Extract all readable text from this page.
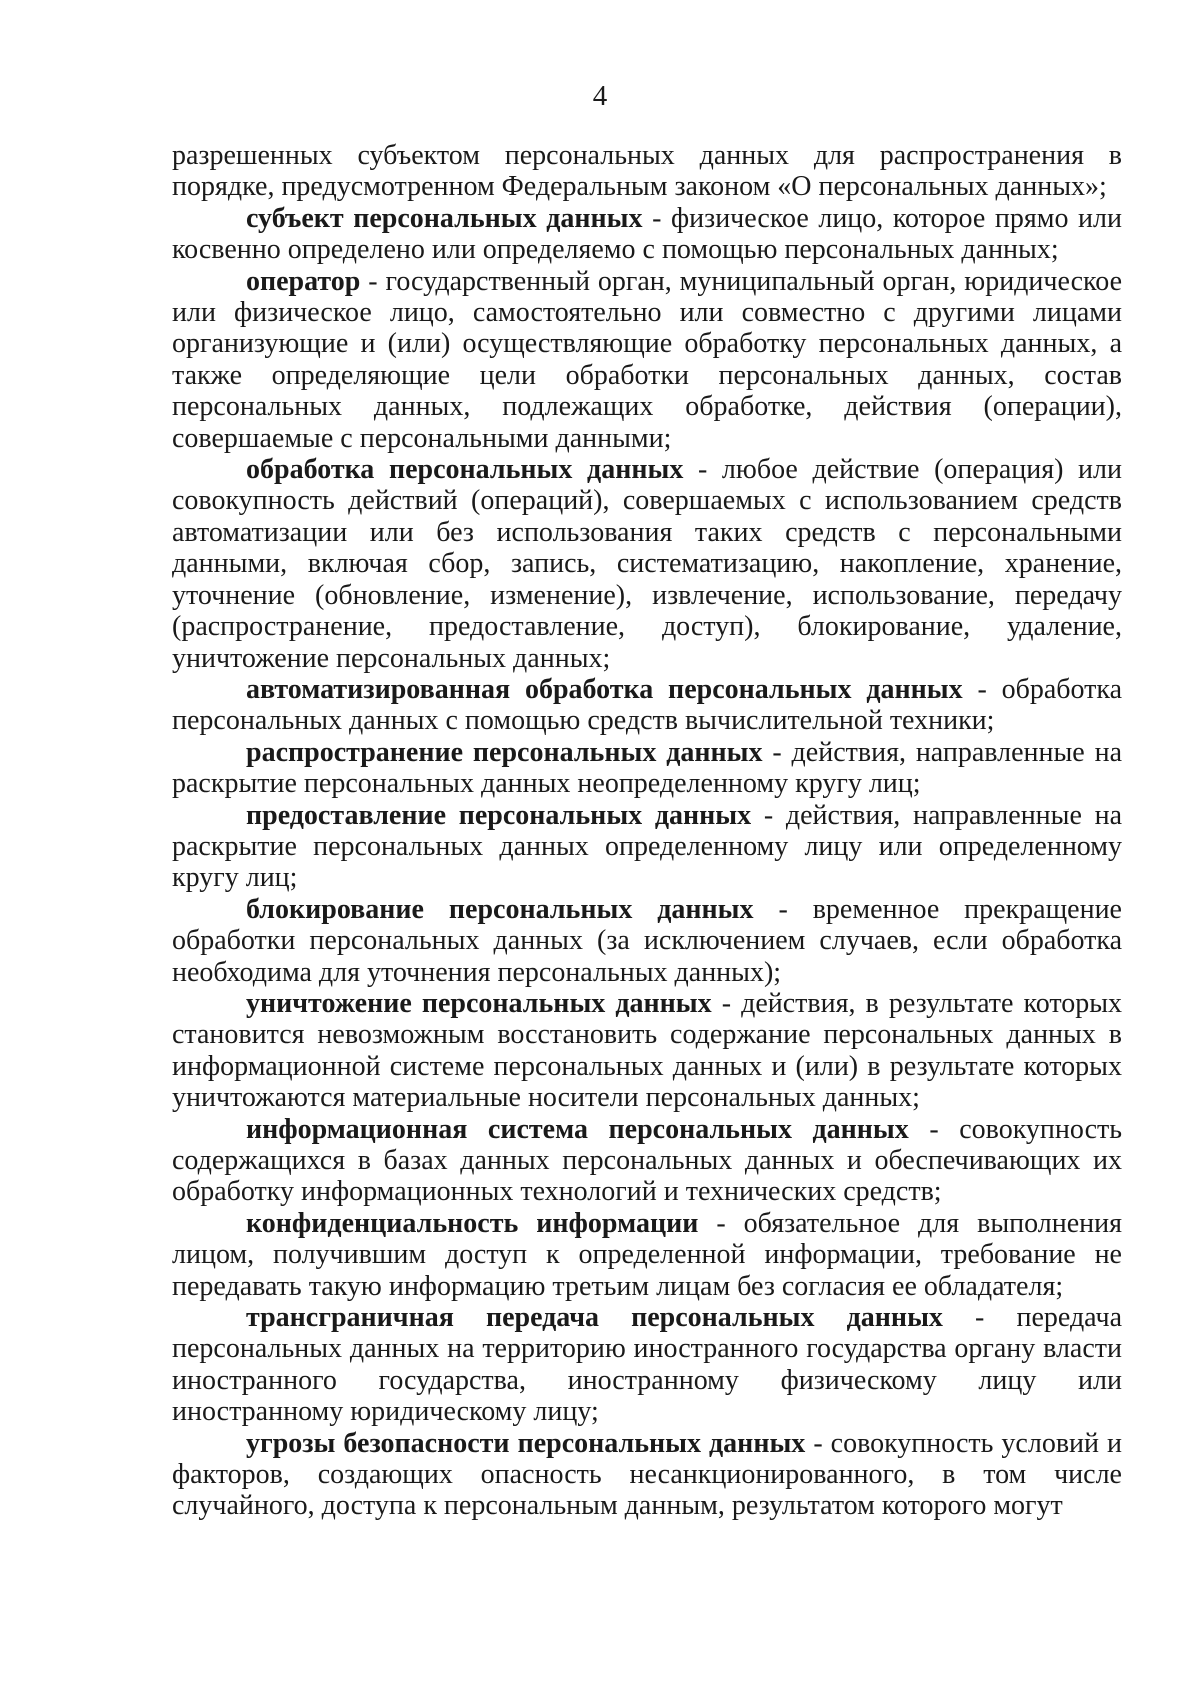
4

разрешенных субъектом персональных данных для распространения в порядке, предусмотренном Федеральным законом «О персональных данных»;

субъект персональных данных - физическое лицо, которое прямо или косвенно определено или определяемо с помощью персональных данных;

оператор - государственный орган, муниципальный орган, юридическое или физическое лицо, самостоятельно или совместно с другими лицами организующие и (или) осуществляющие обработку персональных данных, а также определяющие цели обработки персональных данных, состав персональных данных, подлежащих обработке, действия (операции), совершаемые с персональными данными;

обработка персональных данных - любое действие (операция) или совокупность действий (операций), совершаемых с использованием средств автоматизации или без использования таких средств с персональными данными, включая сбор, запись, систематизацию, накопление, хранение, уточнение (обновление, изменение), извлечение, использование, передачу (распространение, предоставление, доступ), блокирование, удаление, уничтожение персональных данных;

автоматизированная обработка персональных данных - обработка персональных данных с помощью средств вычислительной техники;

распространение персональных данных - действия, направленные на раскрытие персональных данных неопределенному кругу лиц;

предоставление персональных данных - действия, направленные на раскрытие персональных данных определенному лицу или определенному кругу лиц;

блокирование персональных данных - временное прекращение обработки персональных данных (за исключением случаев, если обработка необходима для уточнения персональных данных);

уничтожение персональных данных - действия, в результате которых становится невозможным восстановить содержание персональных данных в информационной системе персональных данных и (или) в результате которых уничтожаются материальные носители персональных данных;

информационная система персональных данных - совокупность содержащихся в базах данных персональных данных и обеспечивающих их обработку информационных технологий и технических средств;

конфиденциальность информации - обязательное для выполнения лицом, получившим доступ к определенной информации, требование не передавать такую информацию третьим лицам без согласия ее обладателя;

трансграничная передача персональных данных - передача персональных данных на территорию иностранного государства органу власти иностранного государства, иностранному физическому лицу или иностранному юридическому лицу;

угрозы безопасности персональных данных - совокупность условий и факторов, создающих опасность несанкционированного, в том числе случайного, доступа к персональным данным, результатом которого могут
